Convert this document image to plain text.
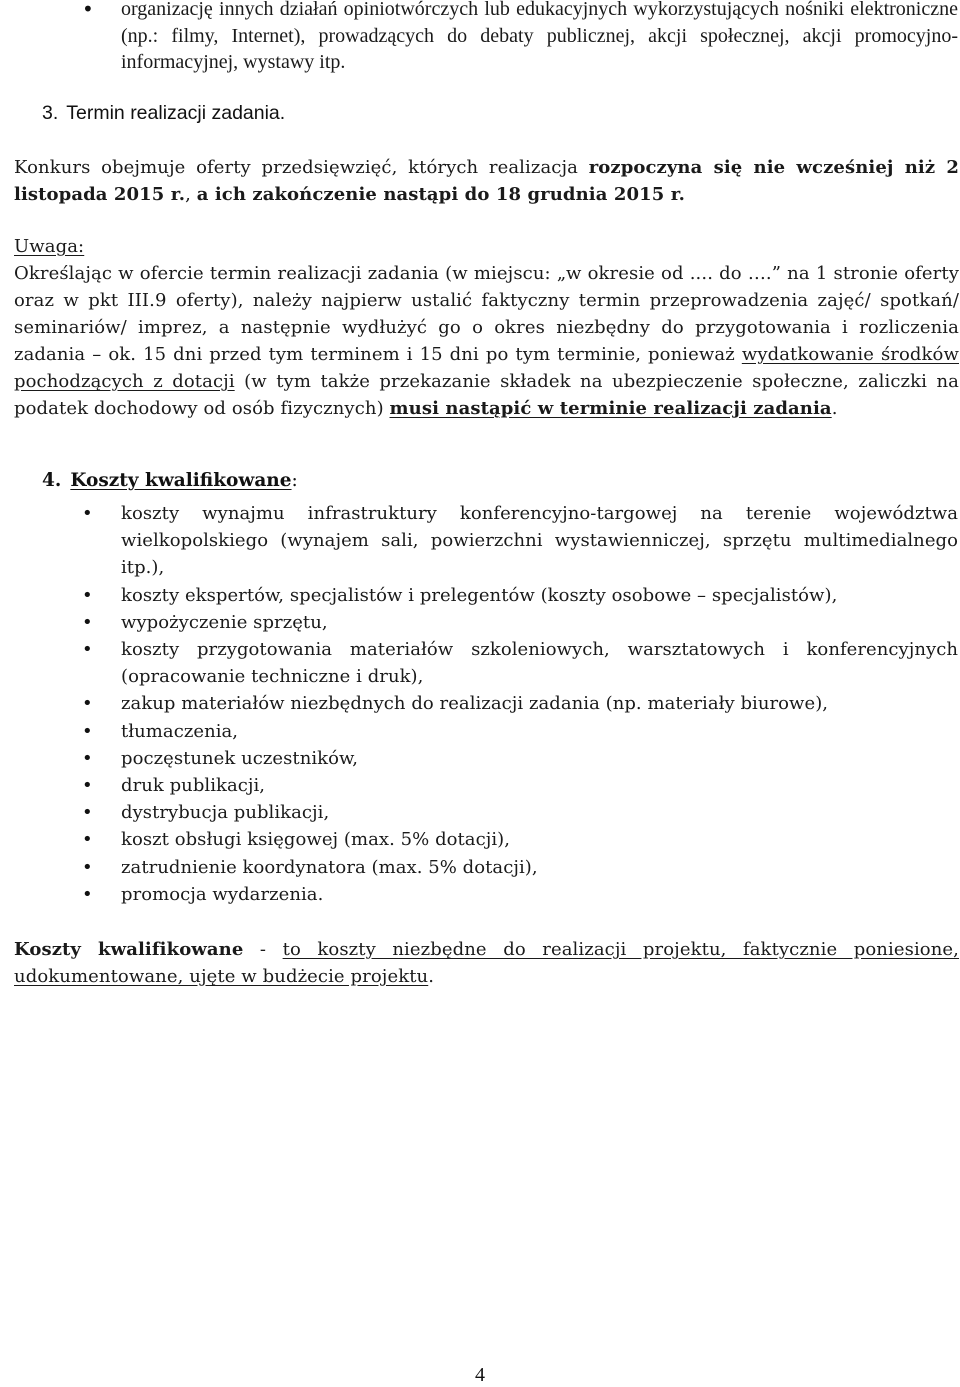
• organizację innych działań opiniotwórczych lub edukacyjnych wykorzystujących nośniki elektroniczne (np.: filmy, Internet), prowadzących do debaty publicznej, akcji społecznej, akcji promocyjno-informacyjnej, wystawy itp.
3. Termin realizacji zadania.

Konkurs obejmuje oferty przedsięwzięć, których realizacja rozpoczyna się nie wcześniej niż 2 listopada 2015 r., a ich zakończenie nastąpi do 18 grudnia 2015 r.

Uwaga:
Określając w ofercie termin realizacji zadania (w miejscu: „w okresie od .... do ….” na 1 stronie oferty oraz w pkt III.9 oferty), należy najpierw ustalić faktyczny termin przeprowadzenia zajęć/ spotkań/ seminariów/ imprez, a następnie wydłużyć go o okres niezbędny do przygotowania i rozliczenia zadania – ok. 15 dni przed tym terminem i 15 dni po tym terminie, ponieważ wydatkowanie środków pochodzących z dotacji (w tym także przekazanie składek na ubezpieczenie społeczne, zaliczki na podatek dochodowy od osób fizycznych) musi nastąpić w terminie realizacji zadania.

4. Koszty kwalifikowane:
• koszty wynajmu infrastruktury konferencyjno-targowej na terenie województwa wielkopolskiego (wynajem sali, powierzchni wystawienniczej, sprzętu multimedialnego itp.),
• koszty ekspertów, specjalistów i prelegentów (koszty osobowe – specjalistów),
• wypożyczenie sprzętu,
• koszty przygotowania materiałów szkoleniowych, warsztatowych i konferencyjnych (opracowanie techniczne i druk),
• zakup materiałów niezbędnych do realizacji zadania (np. materiały biurowe),
• tłumaczenia,
• poczęstunek uczestników,
• druk publikacji,
• dystrybucja publikacji,
• koszt obsługi księgowej (max. 5% dotacji),
• zatrudnienie koordynatora (max. 5% dotacji),
• promocja wydarzenia.

Koszty kwalifikowane - to koszty niezbędne do realizacji projektu, faktycznie poniesione, udokumentowane, ujęte w budżecie projektu.

4
